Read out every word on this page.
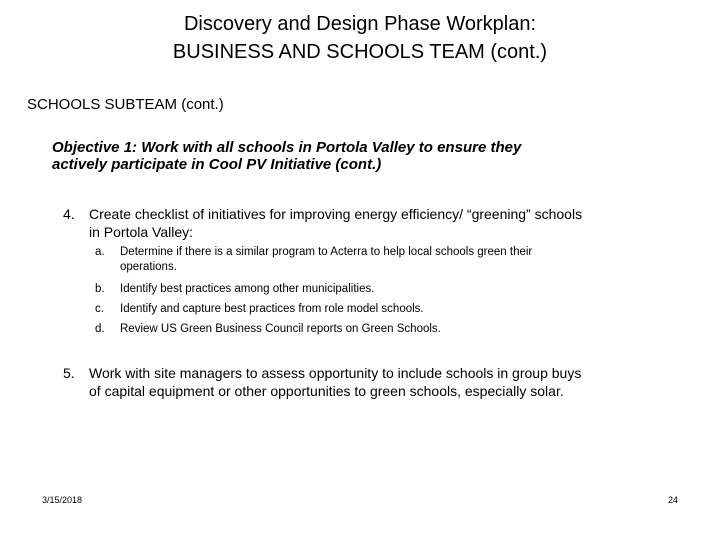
Discovery and Design Phase Workplan:
BUSINESS AND SCHOOLS TEAM (cont.)
SCHOOLS SUBTEAM (cont.)
Objective 1: Work with all schools in Portola Valley to ensure they
actively participate in Cool PV Initiative (cont.)
4. Create checklist of initiatives for improving energy efficiency/ “greening” schools
in Portola Valley:
a. Determine if there is a similar program to Acterra to help local schools green their
operations.
b. Identify best practices among other municipalities.
c. Identify and capture best practices from role model schools.
d. Review US Green Business Council reports on Green Schools.
5. Work with site managers to assess opportunity to include schools in group buys
of capital equipment or other opportunities to green schools, especially solar.
3/15/2018	24
